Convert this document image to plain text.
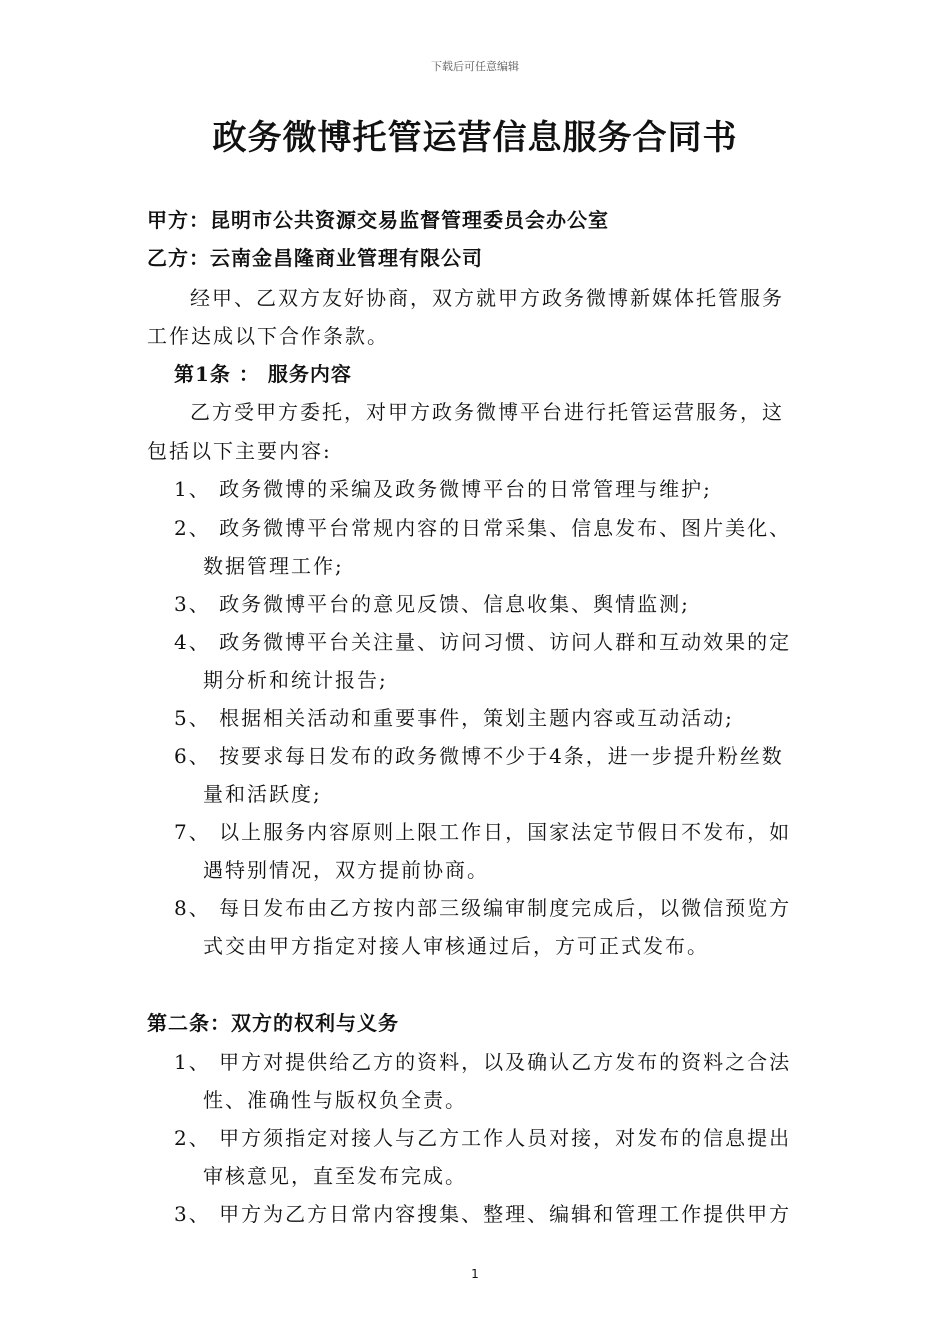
下载后可任意编辑
政务微博托管运营信息服务合同书
甲方：昆明市公共资源交易监督管理委员会办公室
乙方：云南金昌隆商业管理有限公司
经甲、乙双方友好协商，双方就甲方政务微博新媒体托管服务
工作达成以下合作条款。
第1条 ： 服务内容
乙方受甲方委托，对甲方政务微博平台进行托管运营服务，这
包括以下主要内容:
1、 政务微博的采编及政务微博平台的日常管理与维护;
2、 政务微博平台常规内容的日常采集、信息发布、图片美化、
数据管理工作;
3、 政务微博平台的意见反馈、信息收集、舆情监测;
4、 政务微博平台关注量、访问习惯、访问人群和互动效果的定
期分析和统计报告;
5、 根据相关活动和重要事件，策划主题内容或互动活动;
6、 按要求每日发布的政务微博不少于4条，进一步提升粉丝数
量和活跃度;
7、 以上服务内容原则上限工作日，国家法定节假日不发布，如
遇特别情况，双方提前协商。
8、 每日发布由乙方按内部三级编审制度完成后，以微信预览方
式交由甲方指定对接人审核通过后，方可正式发布。
第二条：双方的权利与义务
1、 甲方对提供给乙方的资料，以及确认乙方发布的资料之合法
性、准确性与版权负全责。
2、 甲方须指定对接人与乙方工作人员对接，对发布的信息提出
审核意见，直至发布完成。
3、 甲方为乙方日常内容搜集、整理、编辑和管理工作提供甲方
1
